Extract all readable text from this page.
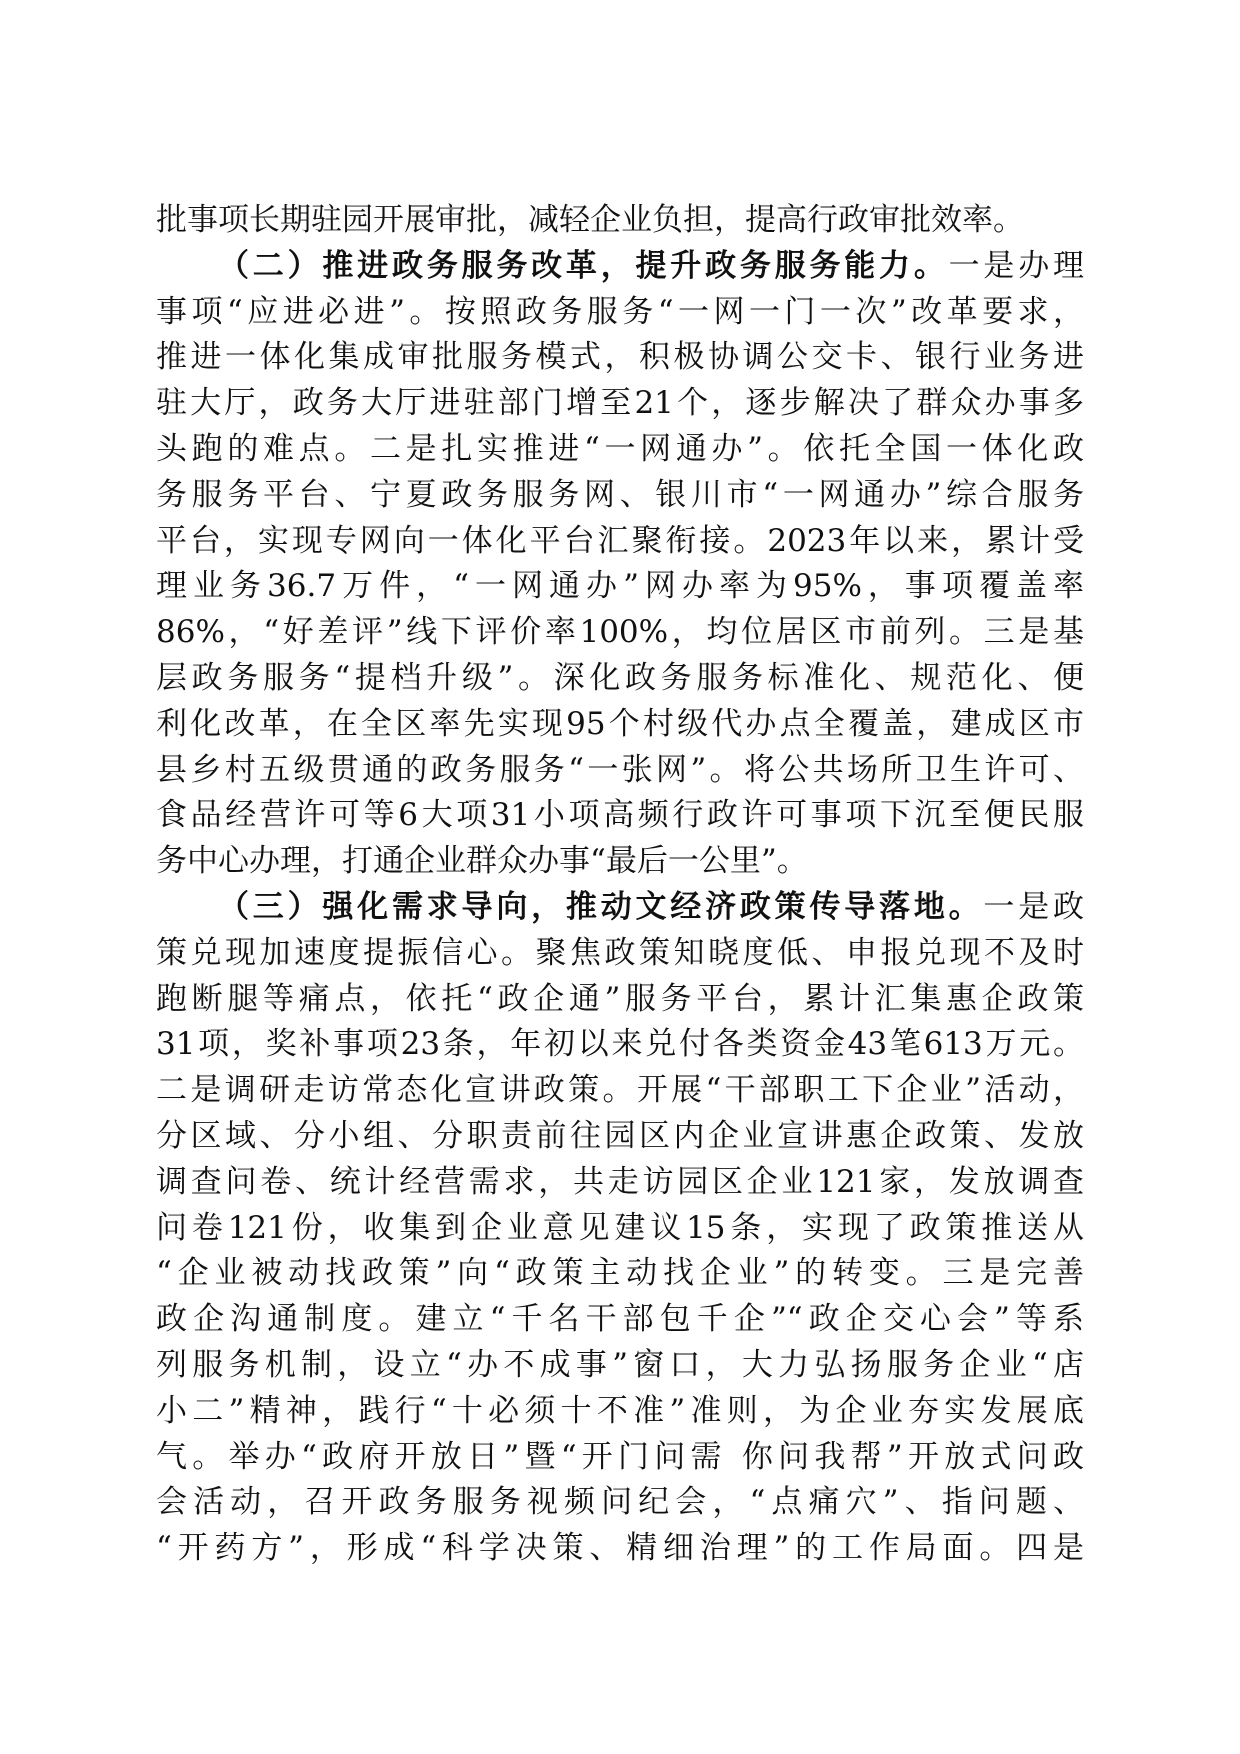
批事项长期驻园开展审批，减轻企业负担，提高行政审批效率。
（二）推进政务服务改革，提升政务服务能力。一是办理
事项“应进必进”。按照政务服务“一网一门一次”改革要求，
推进一体化集成审批服务模式，积极协调公交卡、银行业务进
驻大厅，政务大厅进驻部门增至21个，逐步解决了群众办事多
头跑的难点。二是扎实推进“一网通办”。依托全国一体化政
务服务平台、宁夏政务服务网、银川市“一网通办”综合服务
平台，实现专网向一体化平台汇聚衔接。2023年以来，累计受
理业务36.7万件，“一网通办”网办率为95%，事项覆盖率
86%，“好差评”线下评价率100%，均位居区市前列。三是基
层政务服务“提档升级”。深化政务服务标准化、规范化、便
利化改革，在全区率先实现95个村级代办点全覆盖，建成区市
县乡村五级贯通的政务服务“一张网”。将公共场所卫生许可、
食品经营许可等6大项31小项高频行政许可事项下沉至便民服
务中心办理，打通企业群众办事“最后一公里”。
（三）强化需求导向，推动文经济政策传导落地。一是政
策兑现加速度提振信心。聚焦政策知晓度低、申报兑现不及时
跑断腿等痛点，依托“政企通”服务平台，累计汇集惠企政策
31项，奖补事项23条，年初以来兑付各类资金43笔613万元。
二是调研走访常态化宣讲政策。开展“干部职工下企业”活动，
分区域、分小组、分职责前往园区内企业宣讲惠企政策、发放
调查问卷、统计经营需求，共走访园区企业121家，发放调查
问卷121份，收集到企业意见建议15条，实现了政策推送从
“企业被动找政策”向“政策主动找企业”的转变。三是完善
政企沟通制度。建立“千名干部包千企”“政企交心会”等系
列服务机制，设立“办不成事”窗口，大力弘扬服务企业“店
小二”精神，践行“十必须十不准”准则，为企业夯实发展底
气。举办“政府开放日”暨“开门问需 你问我帮”开放式问政
会活动，召开政务服务视频问纪会，“点痛穴”、指问题、
“开药方”，形成“科学决策、精细治理”的工作局面。四是
